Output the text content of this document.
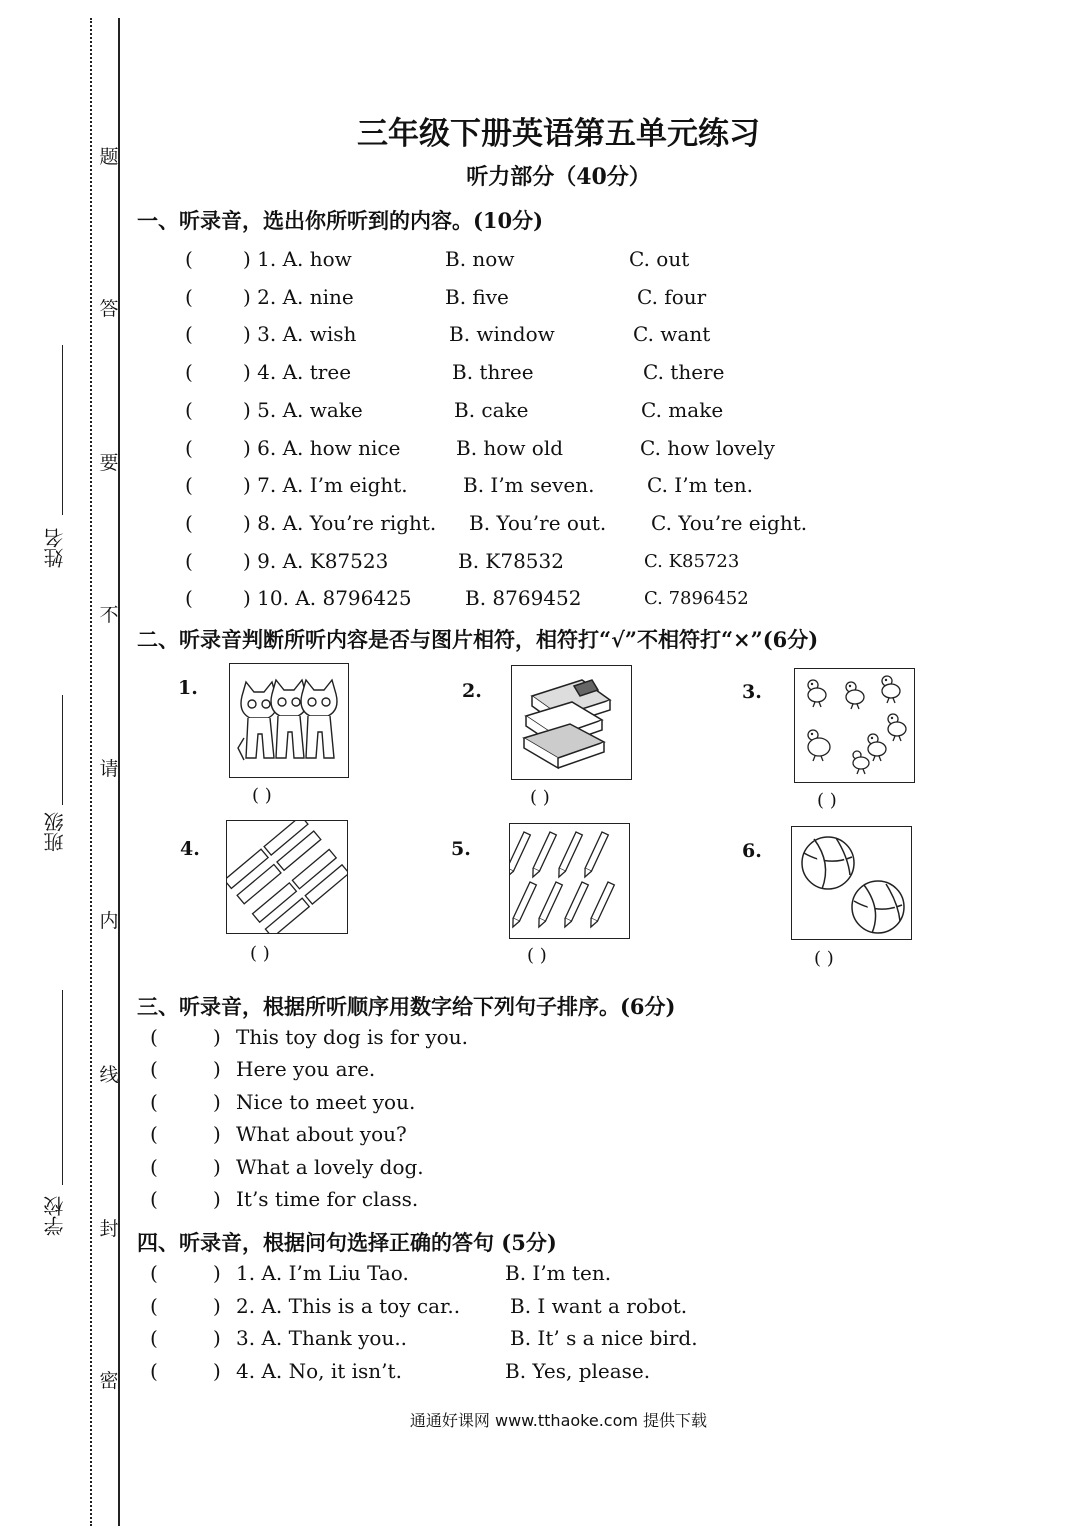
题
答
要
不
请
内
线
封
密
姓名
班级
学校
三年级下册英语第五单元练习
听力部分（40分）
一、听录音，选出你所听到的内容。(10分)
(	) 1. A. how	B. now	C. out
(	) 2. A. nine	B. five	C. four
(	) 3. A. wish	B. window	C. want
(	) 4. A. tree	B. three	C. there
(	) 5. A. wake	B. cake	C. make
(	) 6. A. how nice	B. how old	C. how lovely
(	) 7. A. I’m eight.	B. I’m seven.	C. I’m ten.
(	) 8. A. You’re right. B. You’re out. C. You’re eight.
(	) 9. A. K87523	B. K78532	C. K85723
(	) 10. A. 8796425	B. 8769452	C. 7896452
二、听录音判断所听内容是否与图片相符，相符打“√”不相符打“×”(6分)
1.
( )
2.
( )
3.
( )
4.
( )
5.
( )
6.
( )
三、听录音，根据所听顺序用数字给下列句子排序。(6分)
(	) This toy dog is for you.
(	) Here you are.
(	) Nice to meet you.
(	) What about you?
(	) What a lovely dog.
(	) It’s time for class.
四、听录音，根据问句选择正确的答句 (5分)
(	) 1. A. I’m Liu Tao.	B. I’m ten.
(	) 2. A. This is a toy car.. B. I want a robot.
(	) 3. A. Thank you..	B. It’ s a nice bird.
(	) 4. A. No, it isn’t.	B. Yes, please.
通通好课网 www.tthaoke.com 提供下载
